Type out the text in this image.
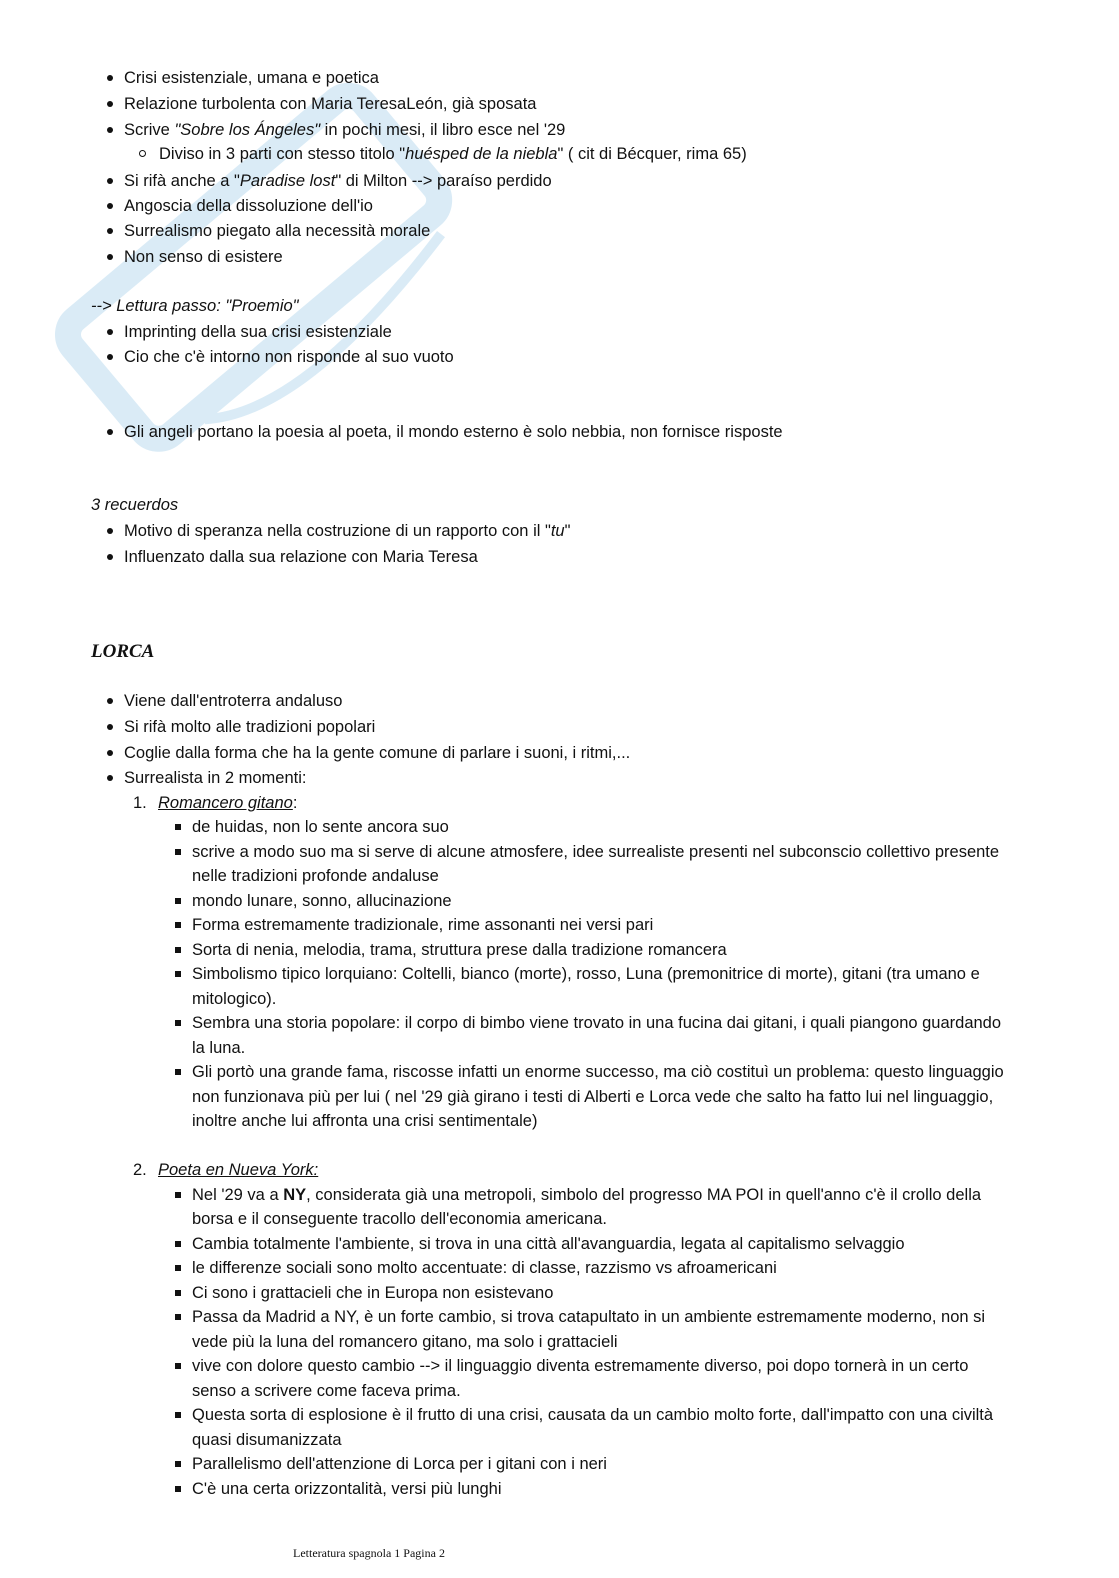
Crisi esistenziale, umana e poetica
Relazione turbolenta con Maria TeresaLeón, già sposata
Scrive "Sobre los Ángeles" in pochi mesi, il libro esce nel '29
Diviso in 3 parti con stesso titolo "huésped de la niebla" ( cit di Bécquer, rima 65)
Si rifà anche a "Paradise lost" di Milton --> paraíso perdido
Angoscia della dissoluzione dell'io
Surrealismo piegato alla necessità morale
Non senso di esistere
--> Lettura passo: "Proemio"
Imprinting della sua crisi esistenziale
Cio che c'è intorno non risponde al suo vuoto
Gli angeli portano la poesia al poeta, il mondo esterno è solo nebbia, non fornisce risposte
3 recuerdos
Motivo di speranza nella costruzione di un rapporto con il "tu"
Influenzato dalla sua relazione con Maria Teresa
LORCA
Viene dall'entroterra andaluso
Si rifà molto alle tradizioni popolari
Coglie dalla forma che ha la gente comune di parlare i suoni, i ritmi,...
Surrealista in 2 momenti:
1. Romancero gitano:
de huidas, non lo sente ancora suo
scrive a modo suo ma si serve di alcune atmosfere, idee surrealiste presenti nel subconscio collettivo presente
nelle tradizioni profonde andaluse
mondo lunare, sonno, allucinazione
Forma estremamente tradizionale, rime assonanti nei versi pari
Sorta di nenia, melodia, trama, struttura prese dalla tradizione romancera
Simbolismo tipico lorquiano: Coltelli, bianco (morte), rosso, Luna (premonitrice di morte), gitani (tra umano e
mitologico).
Sembra una storia popolare: il corpo di bimbo viene trovato in una fucina dai gitani, i quali piangono guardando
la luna.
Gli portò una grande fama, riscosse infatti un enorme successo, ma ciò costituì un problema: questo linguaggio
non funzionava più per lui ( nel '29 già girano i testi di Alberti e Lorca vede che salto ha fatto lui nel linguaggio,
inoltre anche lui affronta una crisi sentimentale)
2. Poeta en Nueva York:
Nel '29 va a NY, considerata già una metropoli, simbolo del progresso MA POI in quell'anno c'è il crollo della
borsa e il conseguente tracollo dell'economia americana.
Cambia totalmente l'ambiente, si trova in una città all'avanguardia, legata al capitalismo selvaggio
le differenze sociali sono molto accentuate: di classe, razzismo vs afroamericani
Ci sono i grattacieli che in Europa non esistevano
Passa da Madrid a NY, è un forte cambio, si trova catapultato in un ambiente estremamente moderno, non si
vede più la luna del romancero gitano, ma solo i grattacieli
vive con dolore questo cambio --> il linguaggio diventa estremamente diverso, poi dopo tornerà in un certo
senso a scrivere come faceva prima.
Questa sorta di esplosione è il frutto di una crisi, causata da un cambio molto forte, dall'impatto con una civiltà
quasi disumanizzata
Parallelismo dell'attenzione di Lorca per i gitani con i neri
C'è una certa orizzontalità, versi più lunghi
Letteratura spagnola 1 Pagina 2
